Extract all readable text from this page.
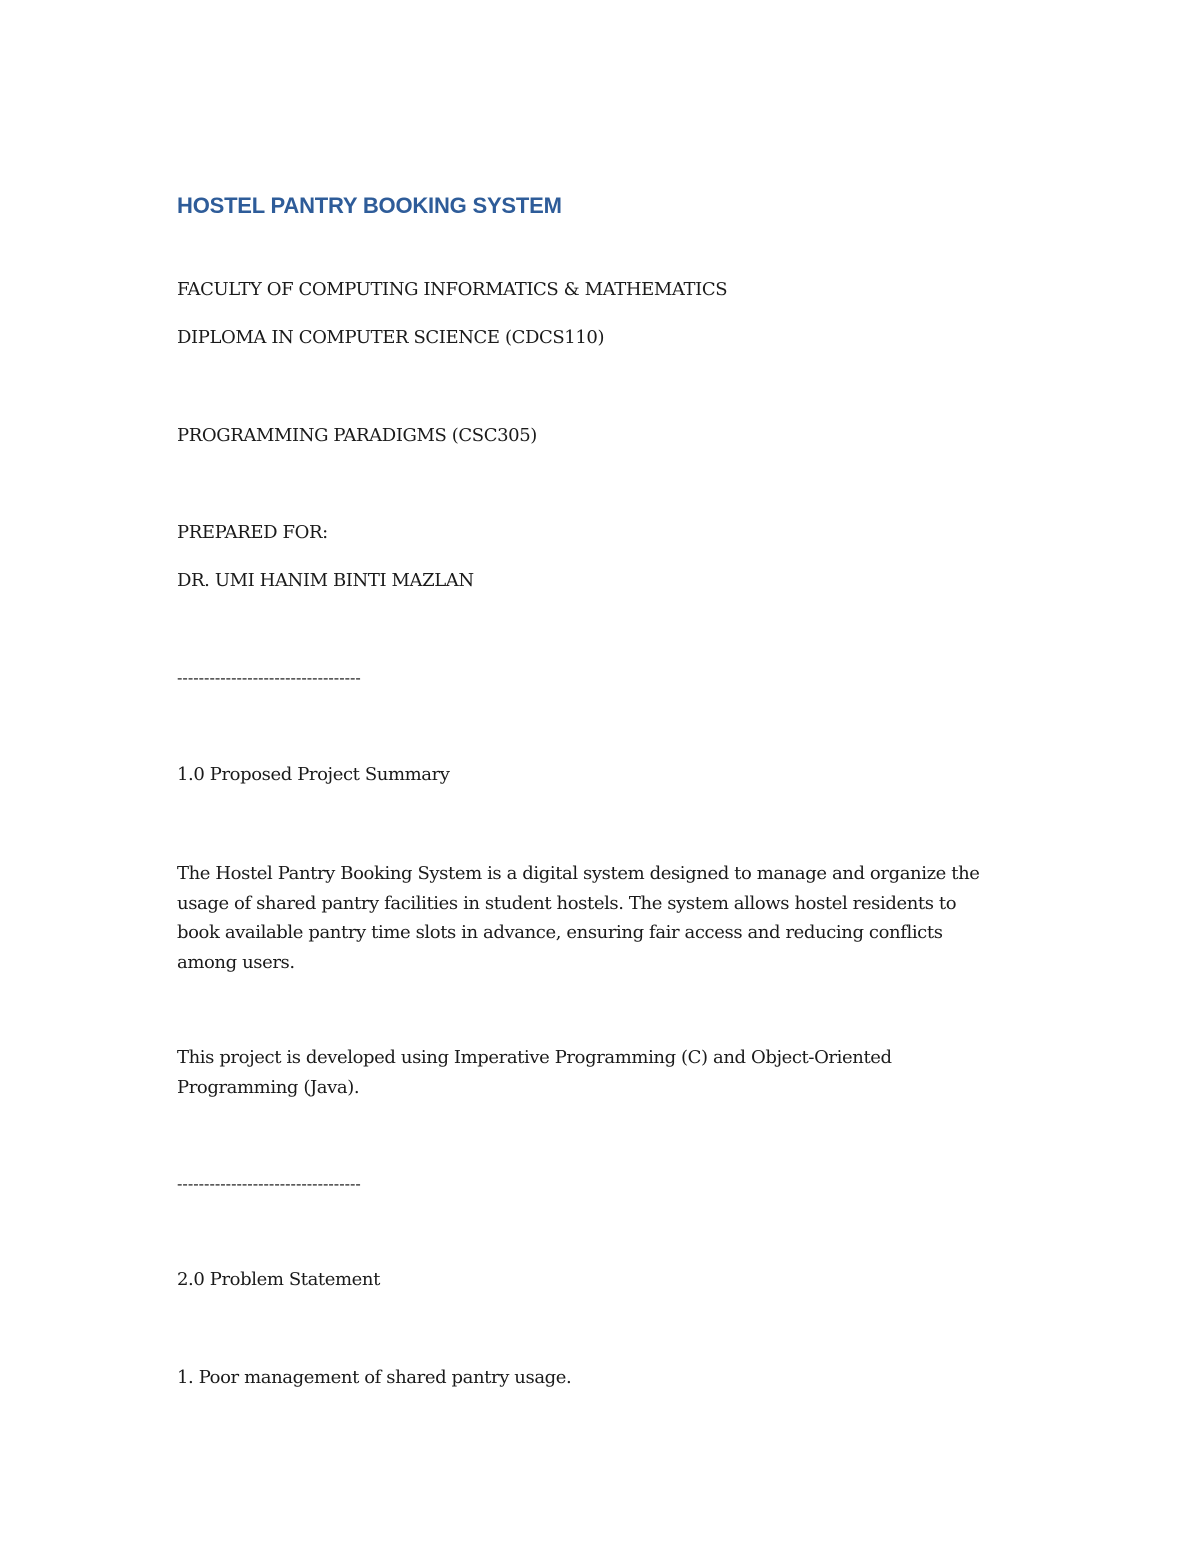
HOSTEL PANTRY BOOKING SYSTEM

FACULTY OF COMPUTING INFORMATICS & MATHEMATICS

DIPLOMA IN COMPUTER SCIENCE (CDCS110)

PROGRAMMING PARADIGMS (CSC305)

PREPARED FOR:

DR. UMI HANIM BINTI MAZLAN

----------------------------------

1.0 Proposed Project Summary
The Hostel Pantry Booking System is a digital system designed to manage and organize the
usage of shared pantry facilities in student hostels. The system allows hostel residents to
book available pantry time slots in advance, ensuring fair access and reducing conflicts
among users.
This project is developed using Imperative Programming (C) and Object-Oriented
Programming (Java).

----------------------------------

2.0 Problem Statement

1. Poor management of shared pantry usage.
